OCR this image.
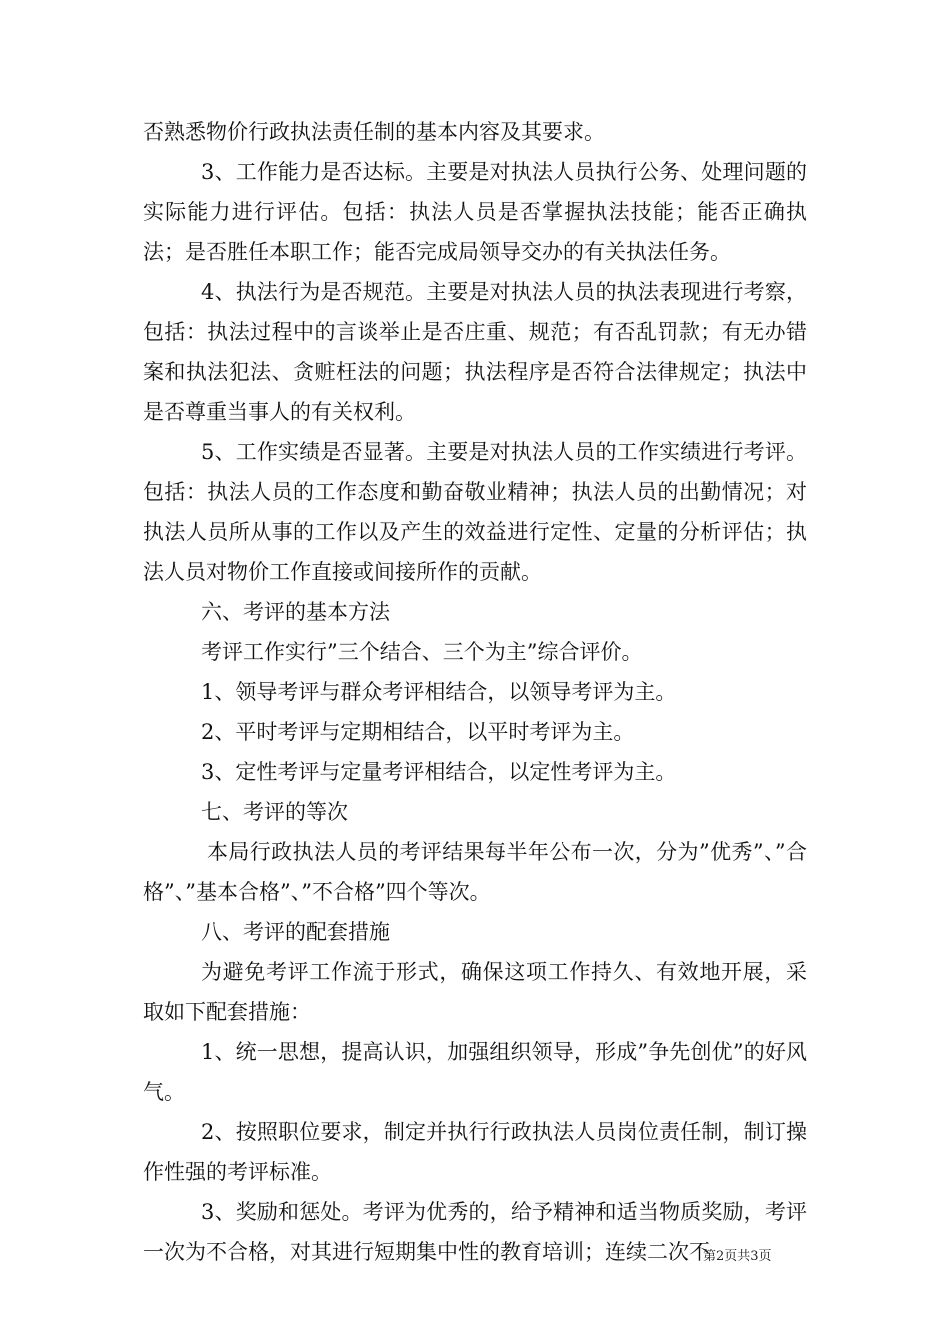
否熟悉物价行政执法责任制的基本内容及其要求。

3、工作能力是否达标。主要是对执法人员执行公务、处理问题的实际能力进行评估。包括：执法人员是否掌握执法技能；能否正确执法；是否胜任本职工作；能否完成局领导交办的有关执法任务。

4、执法行为是否规范。主要是对执法人员的执法表现进行考察，包括：执法过程中的言谈举止是否庄重、规范；有否乱罚款；有无办错案和执法犯法、贪赃枉法的问题；执法程序是否符合法律规定；执法中是否尊重当事人的有关权利。

5、工作实绩是否显著。主要是对执法人员的工作实绩进行考评。包括：执法人员的工作态度和勤奋敬业精神；执法人员的出勤情况；对执法人员所从事的工作以及产生的效益进行定性、定量的分析评估；执法人员对物价工作直接或间接所作的贡献。

六、考评的基本方法

考评工作实行”三个结合、三个为主”综合评价。

1、领导考评与群众考评相结合，以领导考评为主。

2、平时考评与定期相结合，以平时考评为主。

3、定性考评与定量考评相结合，以定性考评为主。

七、考评的等次

本局行政执法人员的考评结果每半年公布一次，分为”优秀”、”合格”、”基本合格”、”不合格”四个等次。

八、考评的配套措施

为避免考评工作流于形式，确保这项工作持久、有效地开展，采取如下配套措施：

1、统一思想，提高认识，加强组织领导，形成”争先创优”的好风气。

2、按照职位要求，制定并执行行政执法人员岗位责任制，制订操作性强的考评标准。

3、奖励和惩处。考评为优秀的，给予精神和适当物质奖励，考评一次为不合格，对其进行短期集中性的教育培训；连续二次不

第2页共3页
